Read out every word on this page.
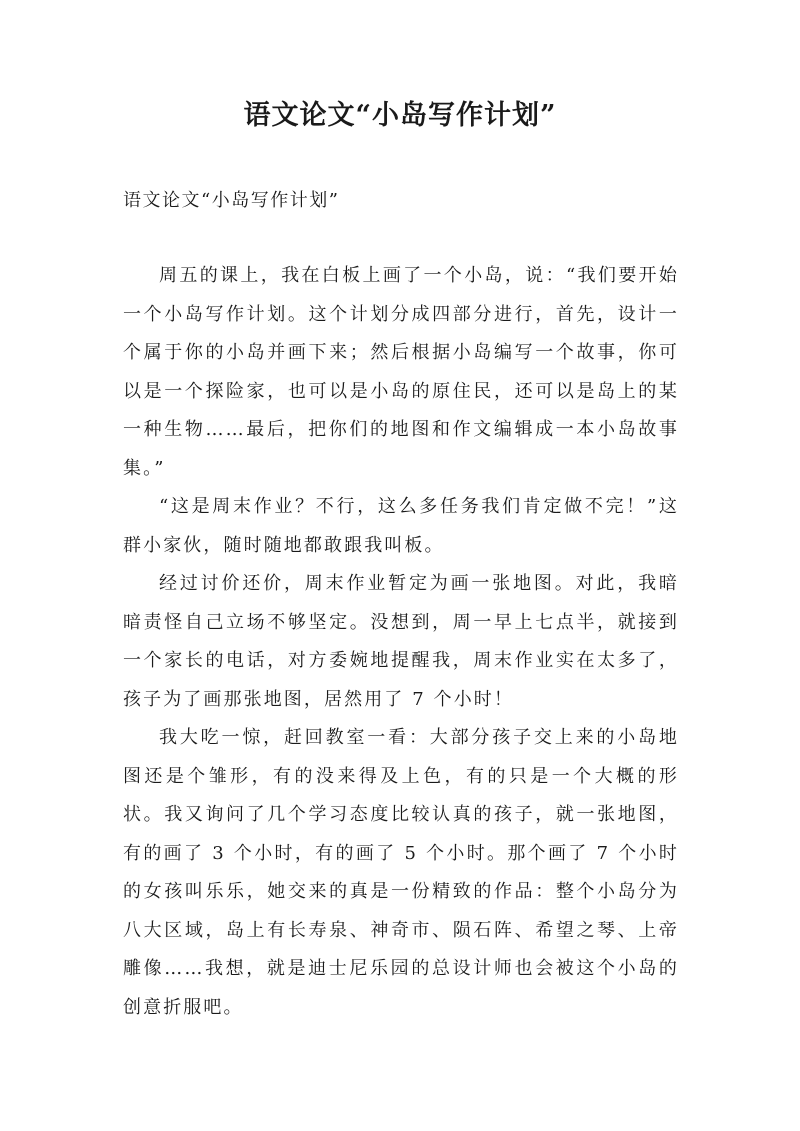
语文论文“小岛写作计划”

语文论文“小岛写作计划”

周五的课上，我在白板上画了一个小岛，说：“我们要开始一个小岛写作计划。这个计划分成四部分进行，首先，设计一个属于你的小岛并画下来；然后根据小岛编写一个故事，你可以是一个探险家，也可以是小岛的原住民，还可以是岛上的某一种生物……最后，把你们的地图和作文编辑成一本小岛故事集。”

“这是周末作业？不行，这么多任务我们肯定做不完！”这群小家伙，随时随地都敢跟我叫板。

经过讨价还价，周末作业暂定为画一张地图。对此，我暗暗责怪自己立场不够坚定。没想到，周一早上七点半，就接到一个家长的电话，对方委婉地提醒我，周末作业实在太多了，孩子为了画那张地图，居然用了 7 个小时！

我大吃一惊，赶回教室一看：大部分孩子交上来的小岛地图还是个雏形，有的没来得及上色，有的只是一个大概的形状。我又询问了几个学习态度比较认真的孩子，就一张地图，有的画了 3 个小时，有的画了 5 个小时。那个画了 7 个小时的女孩叫乐乐，她交来的真是一份精致的作品：整个小岛分为八大区域，岛上有长寿泉、神奇市、陨石阵、希望之琴、上帝雕像……我想，就是迪士尼乐园的总设计师也会被这个小岛的创意折服吧。
